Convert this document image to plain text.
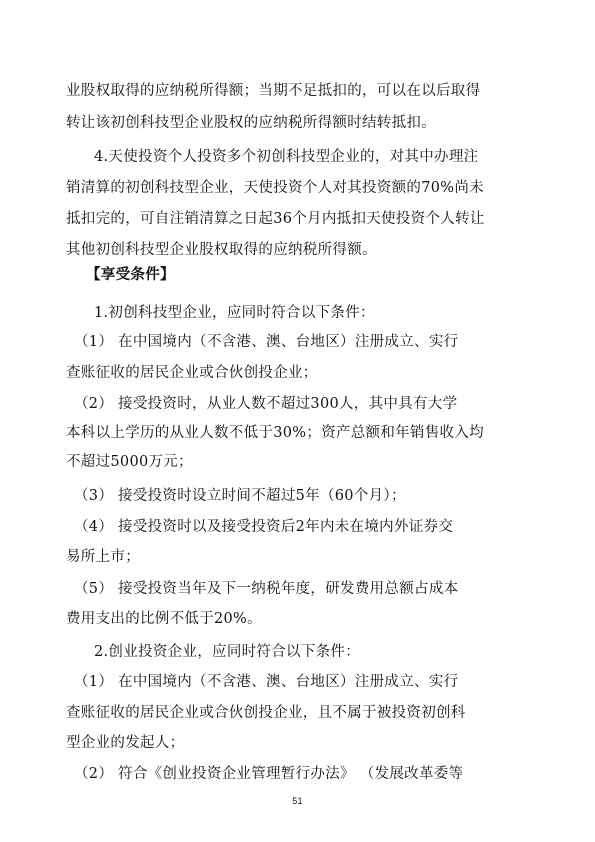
业股权取得的应纳税所得额；当期不足抵扣的，可以在以后取得
转让该初创科技型企业股权的应纳税所得额时结转抵扣。
4.天使投资个人投资多个初创科技型企业的，对其中办理注
销清算的初创科技型企业，天使投资个人对其投资额的70%尚未
抵扣完的，可自注销清算之日起36个月内抵扣天使投资个人转让
其他初创科技型企业股权取得的应纳税所得额。
【享受条件】
1.初创科技型企业，应同时符合以下条件：
（1） 在中国境内（不含港、澳、台地区）注册成立、实行
查账征收的居民企业或合伙创投企业；
（2） 接受投资时，从业人数不超过300人，其中具有大学
本科以上学历的从业人数不低于30%；资产总额和年销售收入均
不超过5000万元；
（3） 接受投资时设立时间不超过5年（60个月）；
（4） 接受投资时以及接受投资后2年内未在境内外证券交
易所上市；
（5） 接受投资当年及下一纳税年度，研发费用总额占成本
费用支出的比例不低于20%。
2.创业投资企业，应同时符合以下条件：
（1） 在中国境内（不含港、澳、台地区）注册成立、实行
查账征收的居民企业或合伙创投企业，且不属于被投资初创科
型企业的发起人；
（2） 符合《创业投资企业管理暂行办法》 （发展改革委等
51
